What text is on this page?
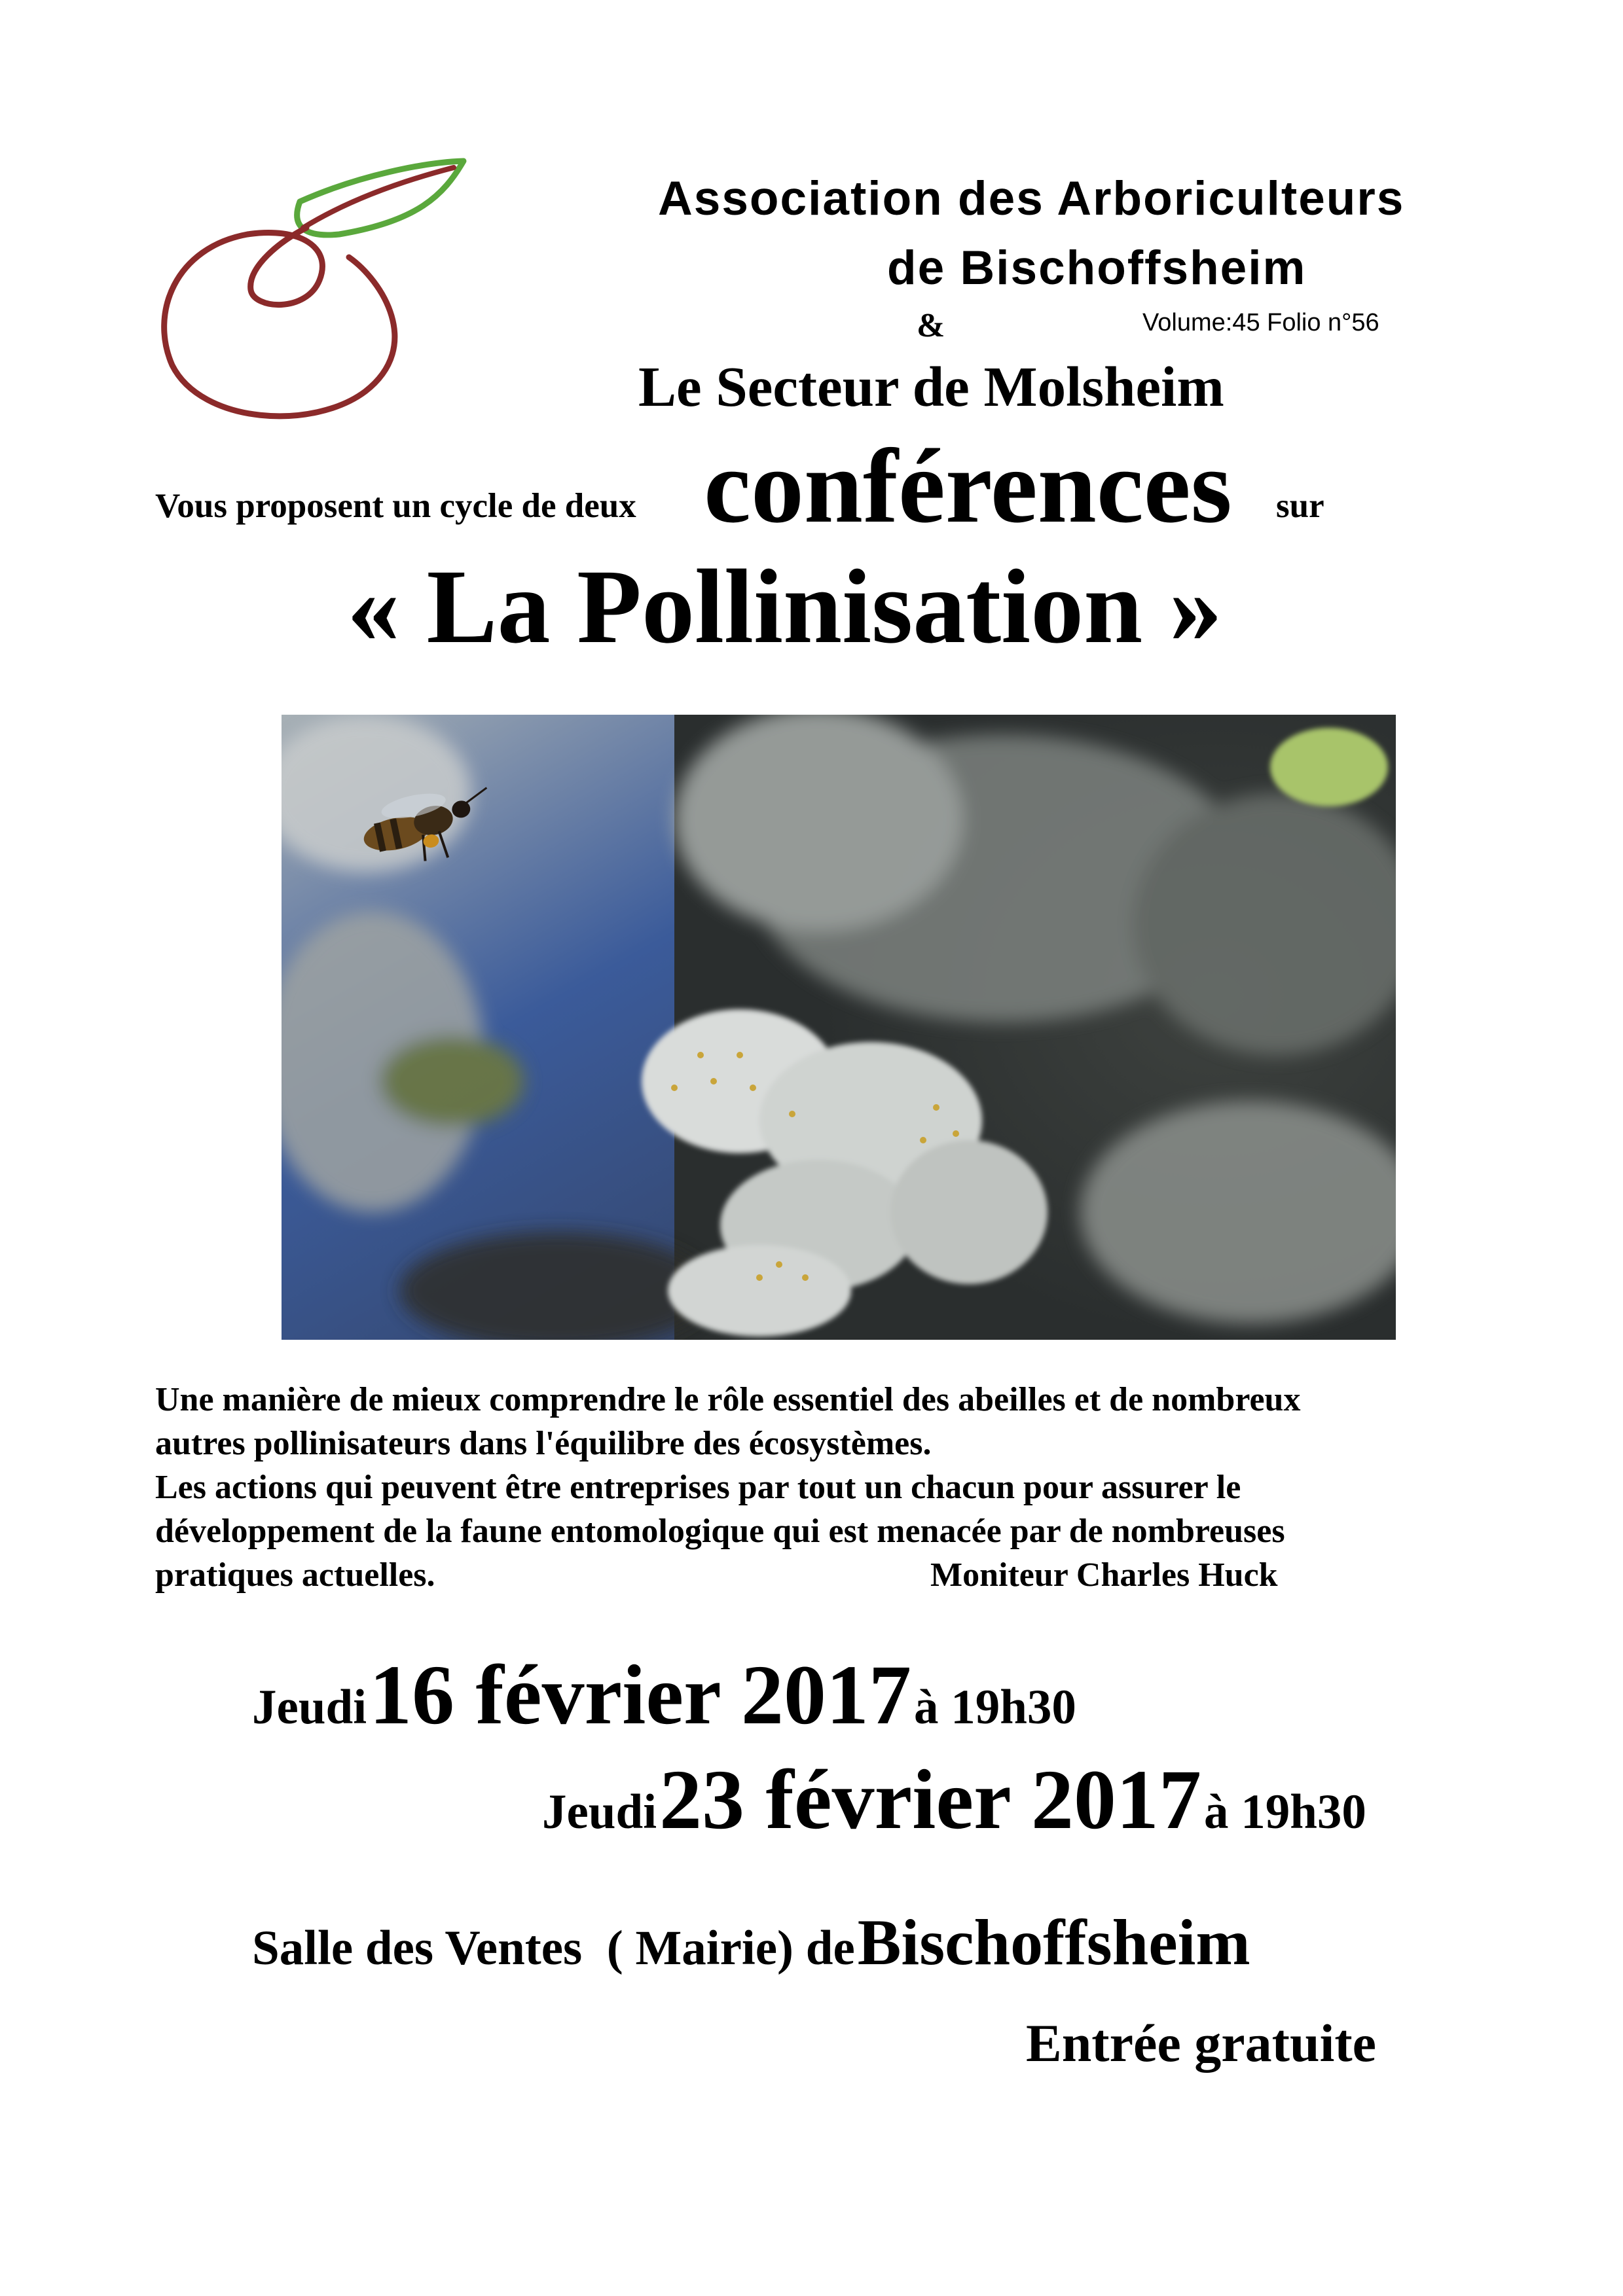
Association des Arboriculteurs
de Bischoffsheim
&	Volume:45 Folio n°56
Le Secteur de Molsheim
Vous proposent un cycle de deux conférences sur
« La Pollinisation »
Une manière de mieux comprendre le rôle essentiel des abeilles et de nombreux
autres pollinisateurs dans l'équilibre des écosystèmes.
Les actions qui peuvent être entreprises par tout un chacun pour assurer le
développement de la faune entomologique qui est menacée par de nombreuses
pratiques actuelles.	Moniteur Charles Huck
Jeudi 16 février 2017 à 19h30
Jeudi 23 février 2017 à 19h30
Salle des Ventes  ( Mairie) de Bischoffsheim
Entrée gratuite
